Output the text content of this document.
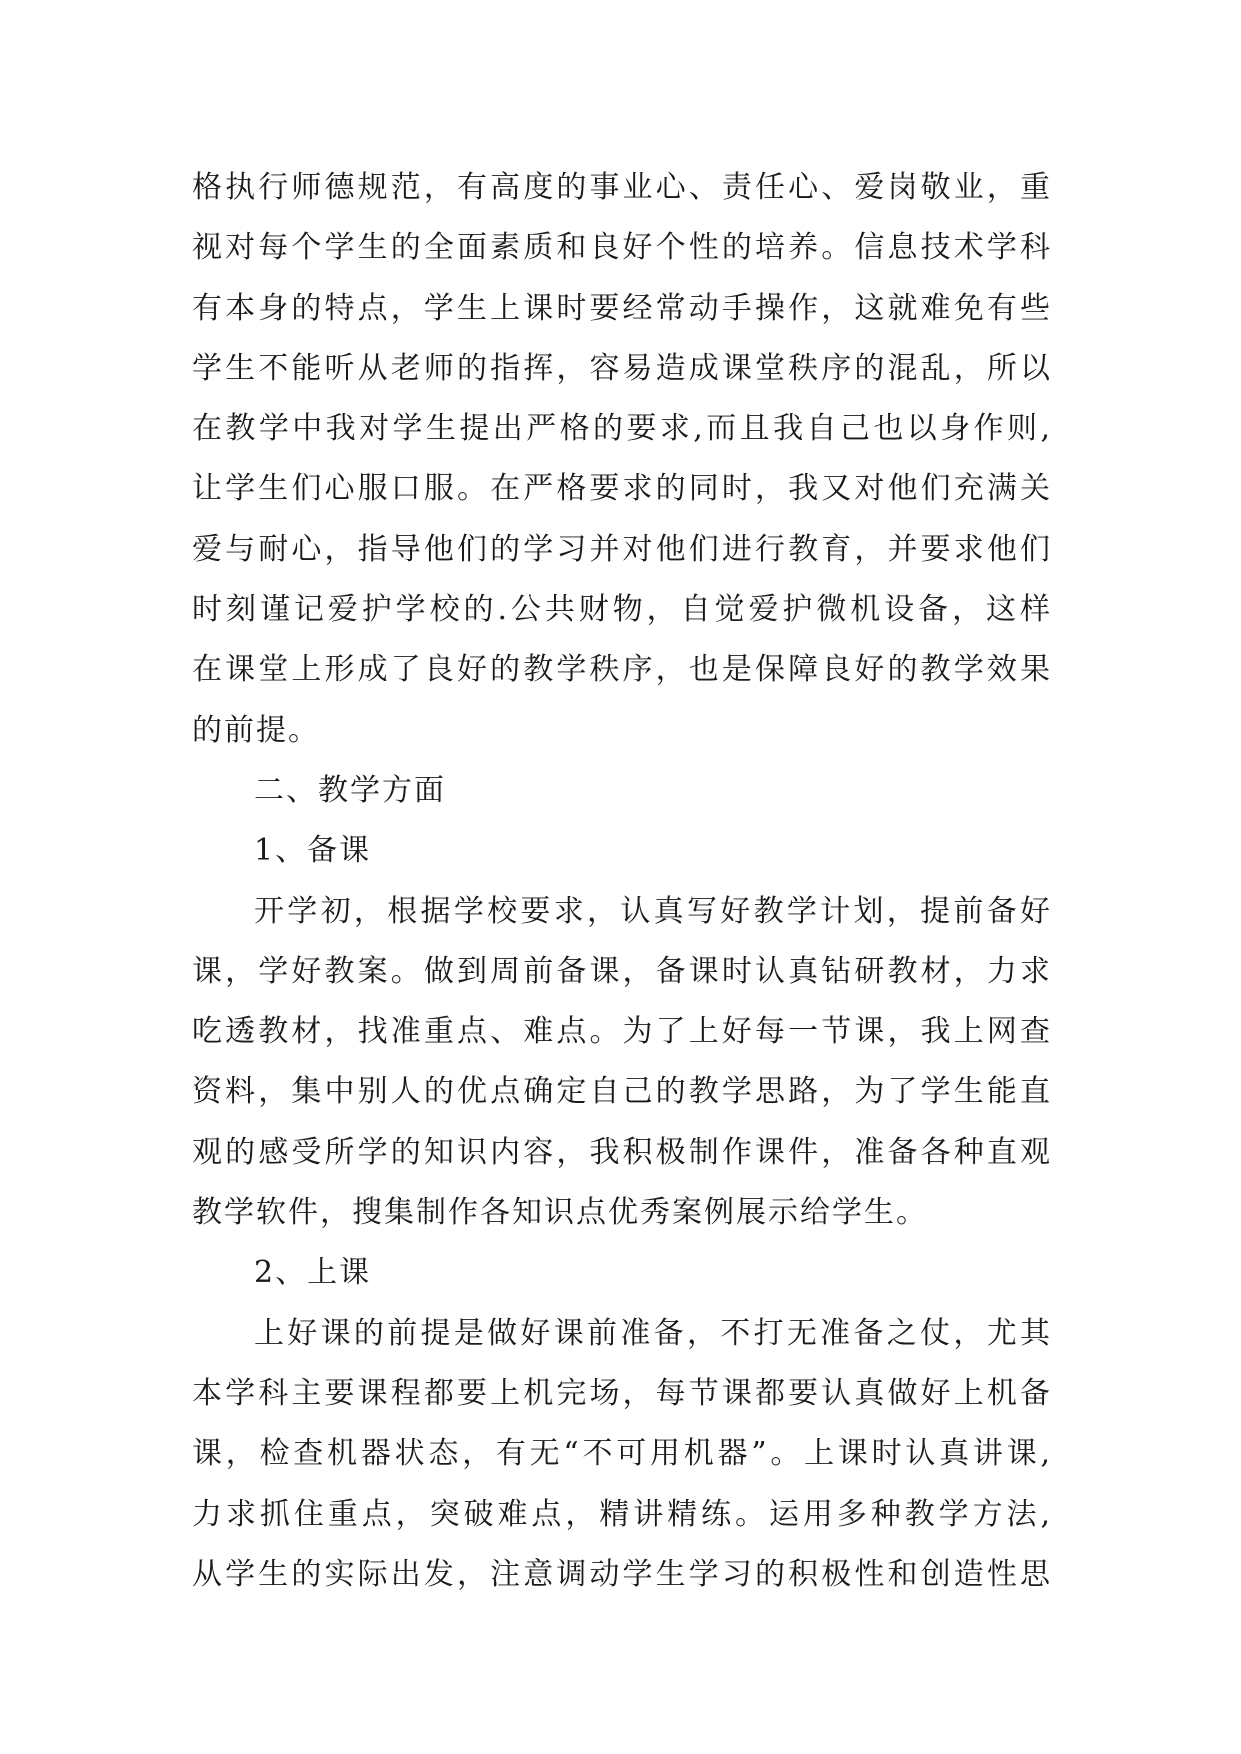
格执行师德规范，有高度的事业心、责任心、爱岗敬业，重
视对每个学生的全面素质和良好个性的培养。信息技术学科
有本身的特点，学生上课时要经常动手操作，这就难免有些
学生不能听从老师的指挥，容易造成课堂秩序的混乱，所以
在教学中我对学生提出严格的要求,而且我自己也以身作则,
让学生们心服口服。在严格要求的同时，我又对他们充满关
爱与耐心，指导他们的学习并对他们进行教育，并要求他们
时刻谨记爱护学校的.公共财物，自觉爱护微机设备，这样
在课堂上形成了良好的教学秩序，也是保障良好的教学效果
的前提。
二、教学方面
1、备课
开学初，根据学校要求，认真写好教学计划，提前备好
课，学好教案。做到周前备课，备课时认真钻研教材，力求
吃透教材，找准重点、难点。为了上好每一节课，我上网查
资料，集中别人的优点确定自己的教学思路，为了学生能直
观的感受所学的知识内容，我积极制作课件，准备各种直观
教学软件，搜集制作各知识点优秀案例展示给学生。
2、上课
上好课的前提是做好课前准备，不打无准备之仗，尤其
本学科主要课程都要上机完场，每节课都要认真做好上机备
课，检查机器状态，有无“不可用机器”。上课时认真讲课,
力求抓住重点，突破难点，精讲精练。运用多种教学方法,
从学生的实际出发，注意调动学生学习的积极性和创造性思
